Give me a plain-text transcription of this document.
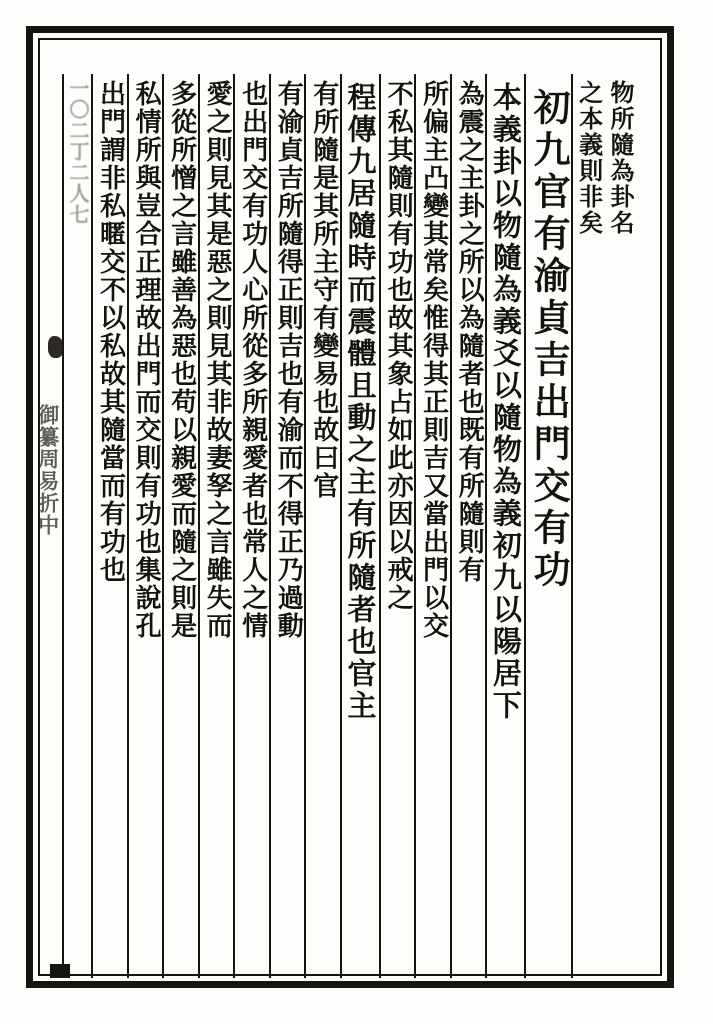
物所隨為卦名
之本義則非矣
初九官有渝貞吉出門交有功
本義卦以物隨為義爻以隨物為義初九以陽居下
為震之主卦之所以為隨者也既有所隨則有
所偏主凸變其常矣惟得其正則吉又當出門以交
不私其隨則有功也故其象占如此亦因以戒之
程傳九居隨時而震體且動之主有所隨者也官主
有所隨是其所主守有變易也故曰官
有渝貞吉所隨得正則吉也有渝而不得正乃過動
也出門交有功人心所從多所親愛者也常人之情
愛之則見其是惡之則見其非故妻孥之言雖失而
多從所憎之言雖善為惡也苟以親愛而隨之則是
私情所與豈合正理故出門而交則有功也集說孔
出門謂非私暱交不以私故其隨當而有功也
一〇二丁二人七
御纂周易折中
